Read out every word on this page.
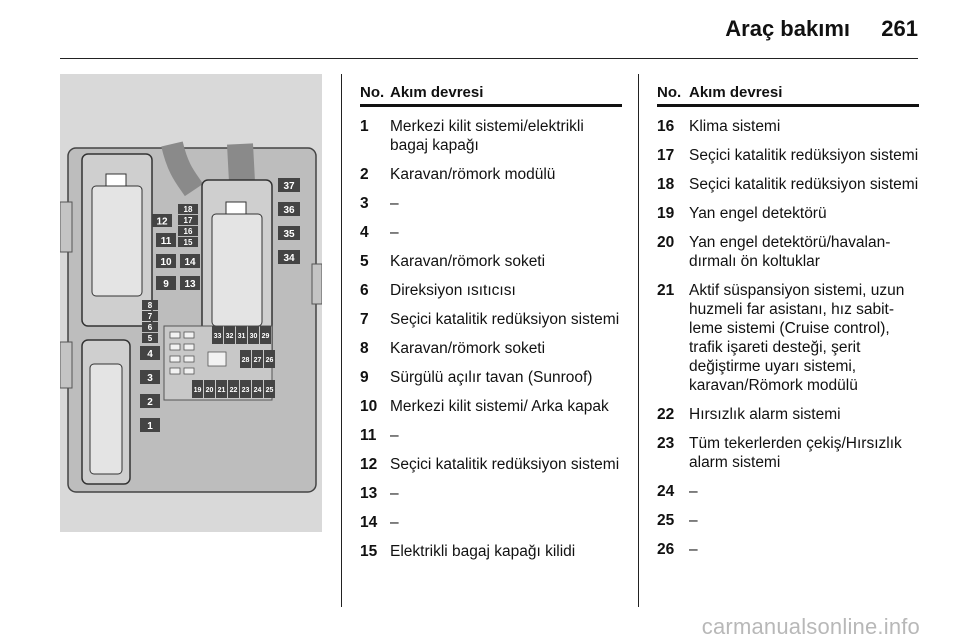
Araç bakımı 261
12
11
10
9
8
7
6
5
4
3
2
1
18
17
16
15
14
13
37
36
35
34
33 32 31 30 29
28 27 26
19 20 21 22 23 24 25
No. Akım devresi
1	Merkezi kilit sistemi/elektrikli bagaj kapağı
2	Karavan/römork modülü
3	–
4	–
5	Karavan/römork soketi
6	Direksiyon ısıtıcısı
7	Seçici katalitik redüksiyon sistemi
8	Karavan/römork soketi
9	Sürgülü açılır tavan (Sunroof)
10 Merkezi kilit sistemi/ Arka kapak
11 –
12 Seçici katalitik redüksiyon sistemi
13 –
14 –
15 Elektrikli bagaj kapağı kilidi
No. Akım devresi
16 Klima sistemi
17 Seçici katalitik redüksiyon sistemi
18 Seçici katalitik redüksiyon sistemi
19 Yan engel detektörü
20 Yan engel detektörü/havalan-dırmalı ön koltuklar
21 Aktif süspansiyon sistemi, uzun huzmeli far asistanı, hız sabit-leme sistemi (Cruise control), trafik işareti desteği, şerit değiştirme uyarı sistemi, karavan/Römork modülü
22 Hırsızlık alarm sistemi
23 Tüm tekerlerden çekiş/Hırsızlık alarm sistemi
24 –
25 –
26 –
carmanualsonline.info
